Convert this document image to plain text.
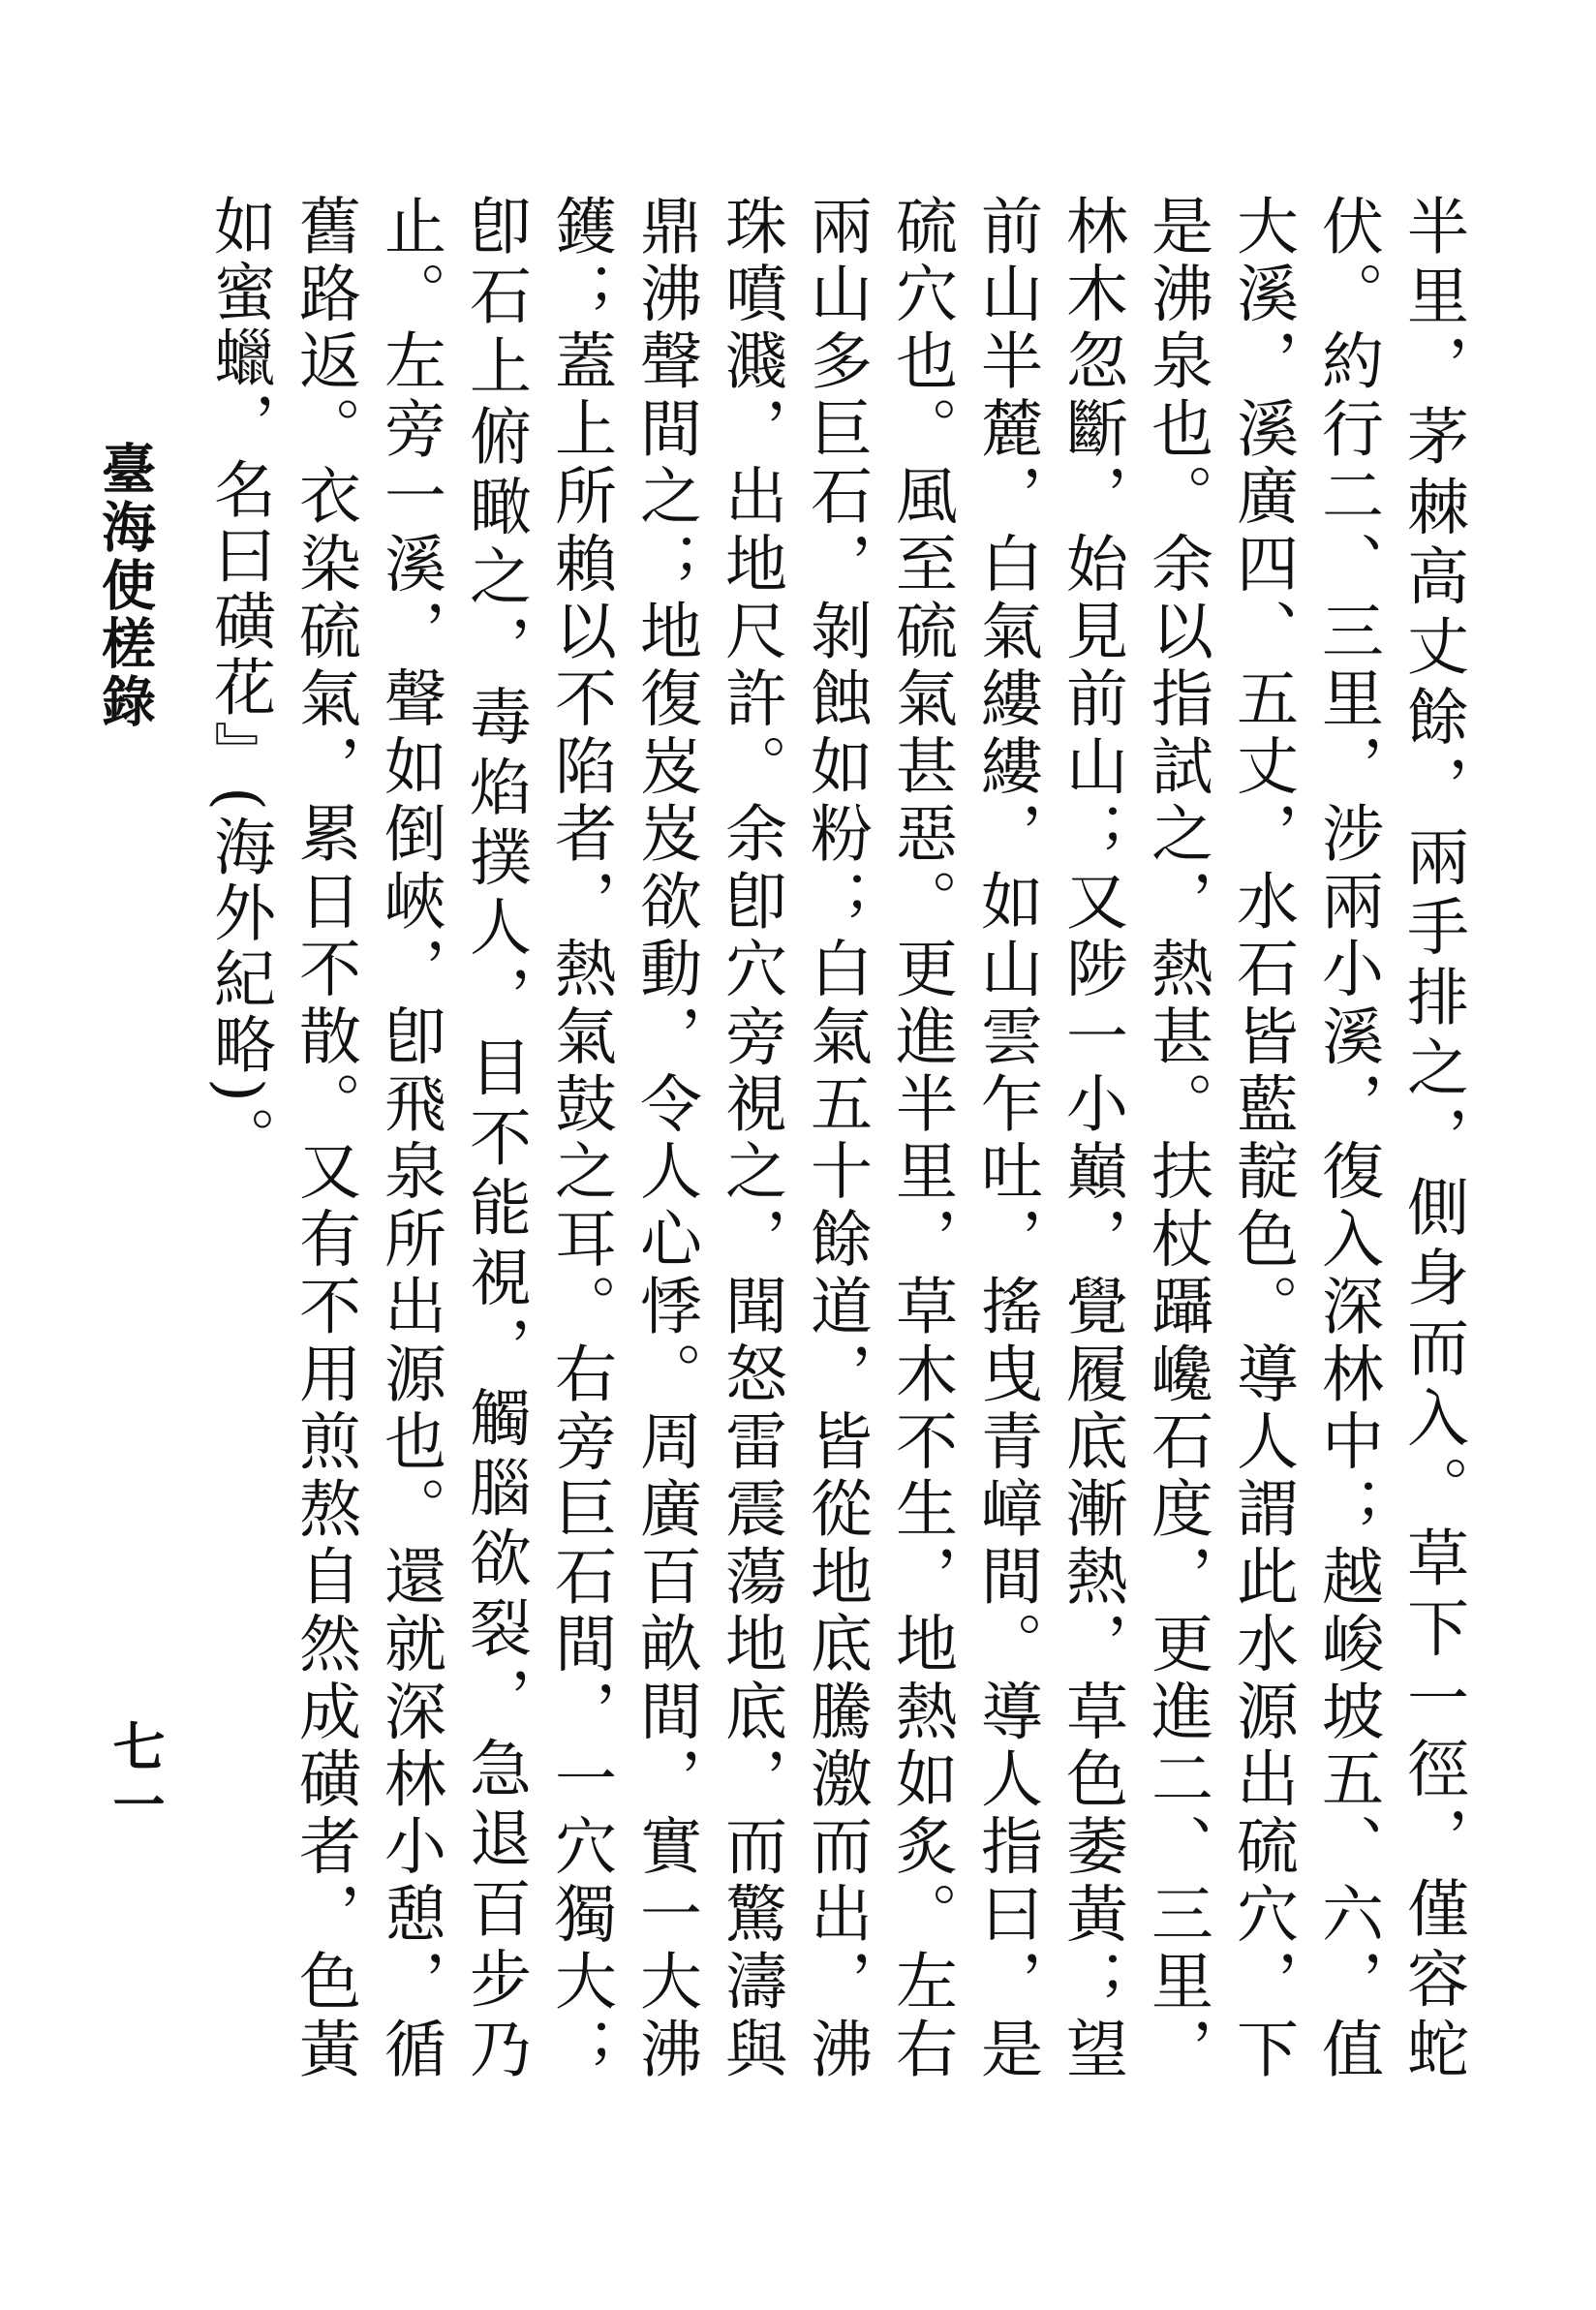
臺海使槎錄
七一	半里，茅棘高丈餘，兩手排之，側身而入。草下一徑，僅容蛇伏。約行二、三里，涉兩小溪，復入深林中；越峻坡五、六，值大溪，溪廣四、五丈，水石皆藍靛色。導人謂此水源出硫穴，下是沸泉也。余以指試之，熱甚。扶杖躡巉石度，更進二、三里，林木忽斷，始見前山；又陟一小巔，覺履底漸熱，草色萎黃；望前山半麓，白氣縷縷，如山雲乍吐，搖曳青嶂間。導人指曰，是硫穴也。風至硫氣甚惡。更進半里，草木不生，地熱如炙。左右兩山多巨石，剝蝕如粉；白氣五十餘道，皆從地底騰激而出，沸珠噴濺，出地尺許。余卽穴旁視之，聞怒雷震蕩地底，而驚濤與鼎沸聲間之；地復岌岌欲動，令人心悸。周廣百畝間，實一大沸鑊；蓋上所賴以不陷者，熱氣鼓之耳。右旁巨石間，一穴獨大；卽石上俯瞰之，毒焰撲人，目不能視，觸腦欲裂，急退百步乃止。左旁一溪，聲如倒峽，卽飛泉所出源也。還就深林小憩，循舊路返。衣染硫氣，累日不散。又有不用煎熬自然成磺者，色黃如蜜蠟，名曰磺花』(海外紀略)。
